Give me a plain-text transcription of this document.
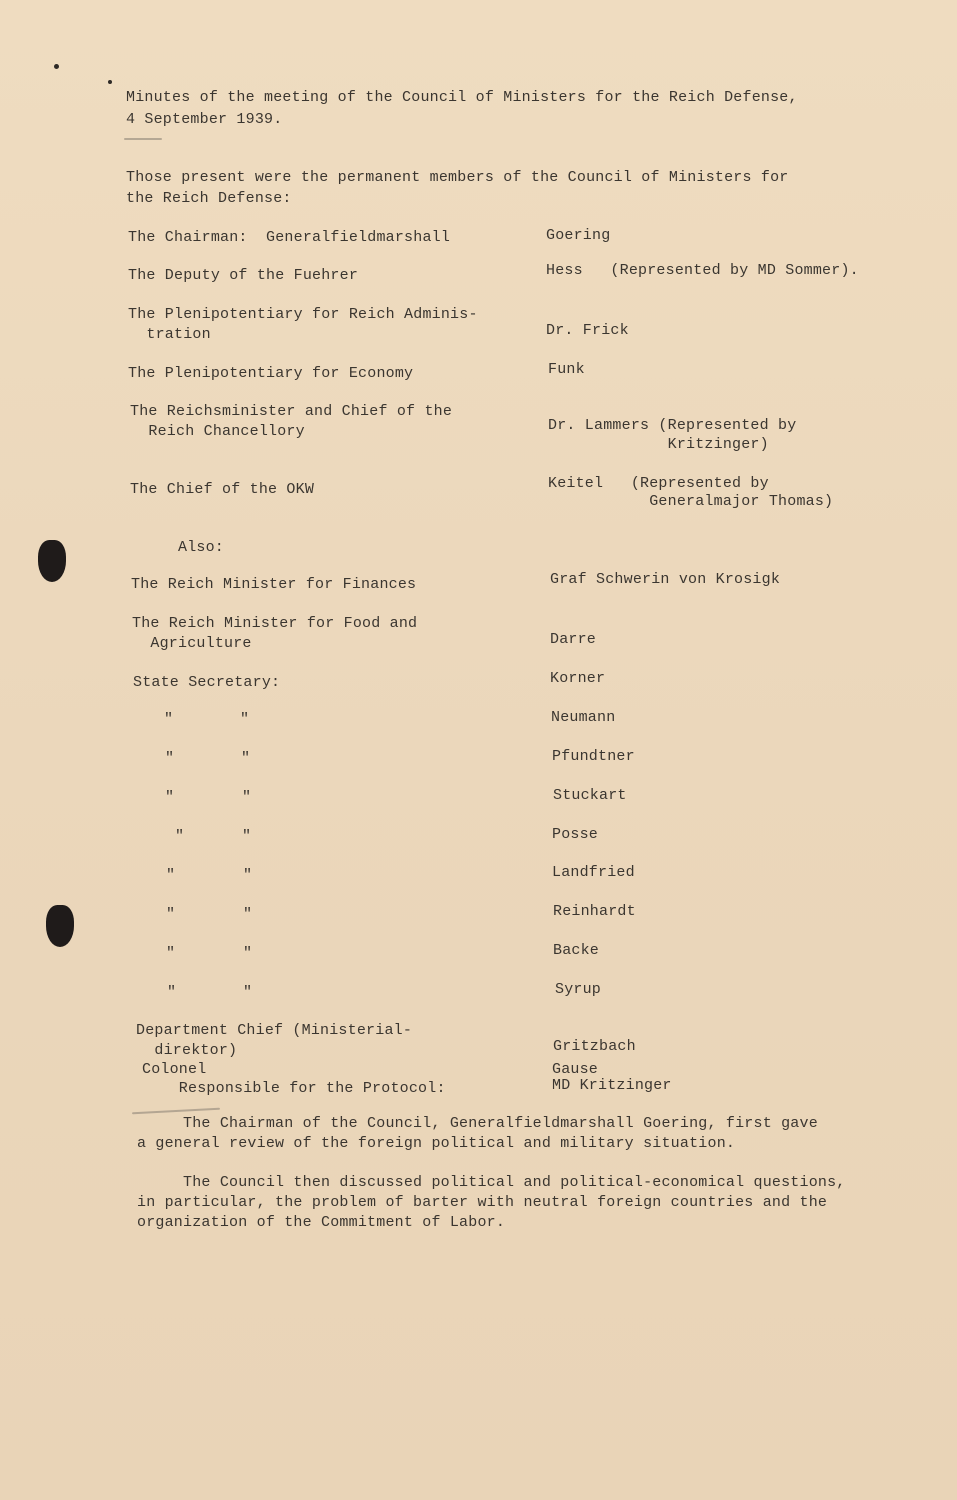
Minutes of the meeting of the Council of Ministers for the Reich Defense,
4 September 1939.
Those present were the permanent members of the Council of Ministers for
the Reich Defense:
The Chairman:  Generalfieldmarshall	Goering
The Deputy of the Fuehrer	Hess   (Represented by MD Sommer).
The Plenipotentiary for Reich Adminis-
tration	Dr. Frick
The Plenipotentiary for Economy	Funk
The Reichsminister and Chief of the
Reich Chancellory	Dr. Lammers (Represented by
Kritzinger)
The Chief of the OKW	Keitel   (Represented by
Generalmajor Thomas)
Also:
The Reich Minister for Finances	Graf Schwerin von Krosigk
The Reich Minister for Food and
Agriculture	Darre
State Secretary:	Korner
"	"	Neumann
"	"	Pfundtner
"	"	Stuckart
"	"	Posse
"	"	Landfried
"	"	Reinhardt
"	"	Backe
"	"	Syrup
Department Chief (Ministerial-
direktor)	Gritzbach
Colonel	Gause
Responsible for the Protocol:	MD Kritzinger
The Chairman of the Council, Generalfieldmarshall Goering, first gave
a general review of the foreign political and military situation.
The Council then discussed political and political-economical questions,
in particular, the problem of barter with neutral foreign countries and the
organization of the Commitment of Labor.
